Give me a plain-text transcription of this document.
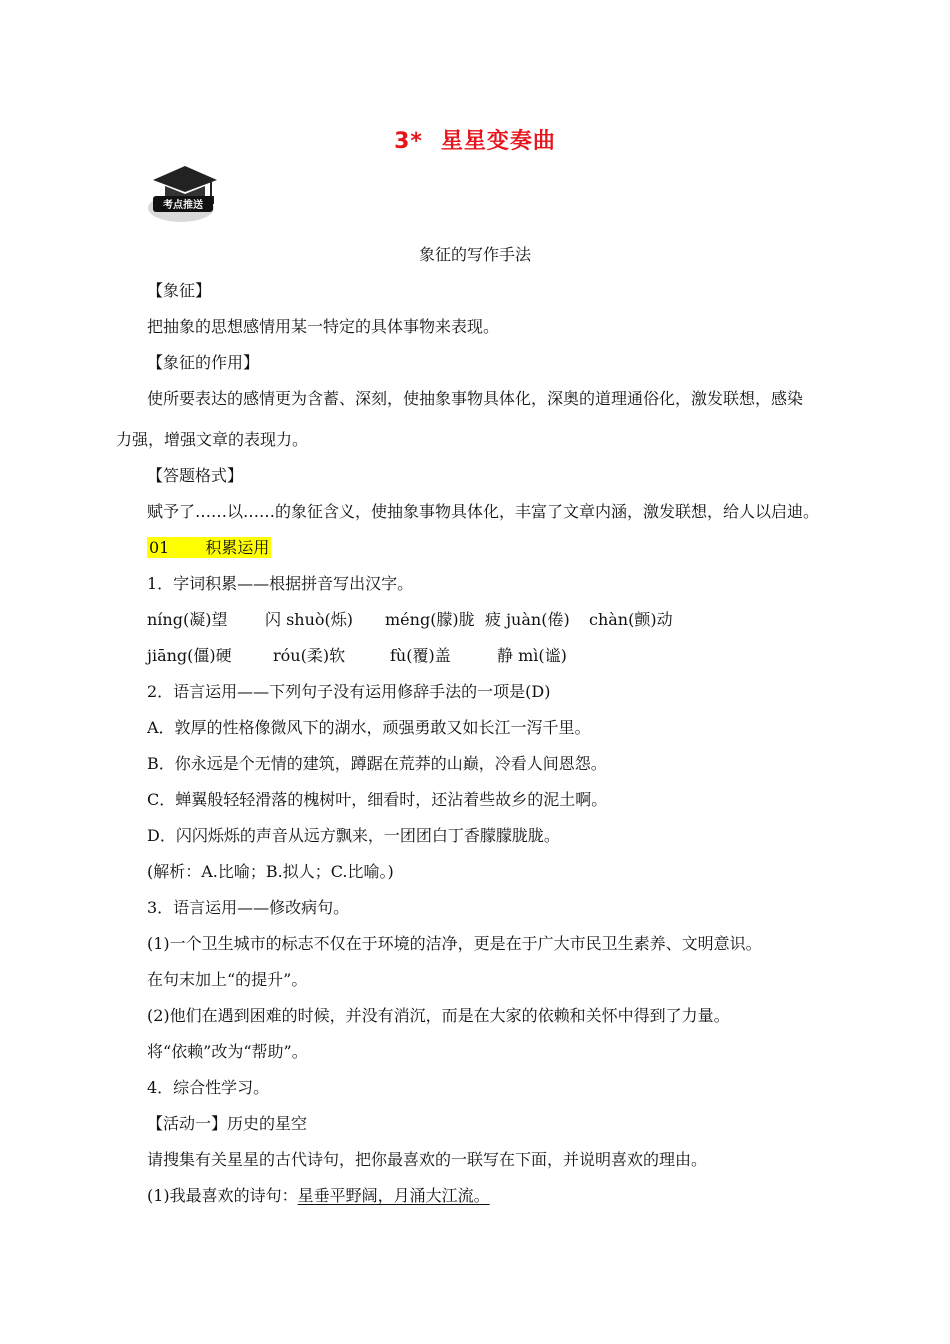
3* 星星变奏曲
考点推送
象征的写作手法
【象征】
把抽象的思想感情用某一特定的具体事物来表现。
【象征的作用】
使所要表达的感情更为含蓄、深刻，使抽象事物具体化，深奥的道理通俗化，激发联想，感染
力强，增强文章的表现力。
【答题格式】
赋予了……以……的象征含义，使抽象事物具体化，丰富了文章内涵，激发联想，给人以启迪。
01 积累运用
1．字词积累——根据拼音写出汉字。
níng(凝)望 闪 shuò(烁) méng(朦)胧 疲 juàn(倦) chàn(颤)动
jiāng(僵)硬	róu(柔)软	fù(覆)盖	静 mì(谧)
2．语言运用——下列句子没有运用修辞手法的一项是(D)
A．敦厚的性格像微风下的湖水，顽强勇敢又如长江一泻千里。
B．你永远是个无情的建筑，蹲踞在荒莽的山巅，冷看人间恩怨。
C．蝉翼般轻轻滑落的槐树叶，细看时，还沾着些故乡的泥土啊。
D．闪闪烁烁的声音从远方飘来，一团团白丁香朦朦胧胧。
(解析：A.比喻；B.拟人；C.比喻。)
3．语言运用——修改病句。
(1)一个卫生城市的标志不仅在于环境的洁净，更是在于广大市民卫生素养、文明意识。
在句末加上“的提升”。
(2)他们在遇到困难的时候，并没有消沉，而是在大家的依赖和关怀中得到了力量。
将“依赖”改为“帮助”。
4．综合性学习。
【活动一】历史的星空
请搜集有关星星的古代诗句，把你最喜欢的一联写在下面，并说明喜欢的理由。
(1)我最喜欢的诗句：星垂平野阔，月涌大江流。
